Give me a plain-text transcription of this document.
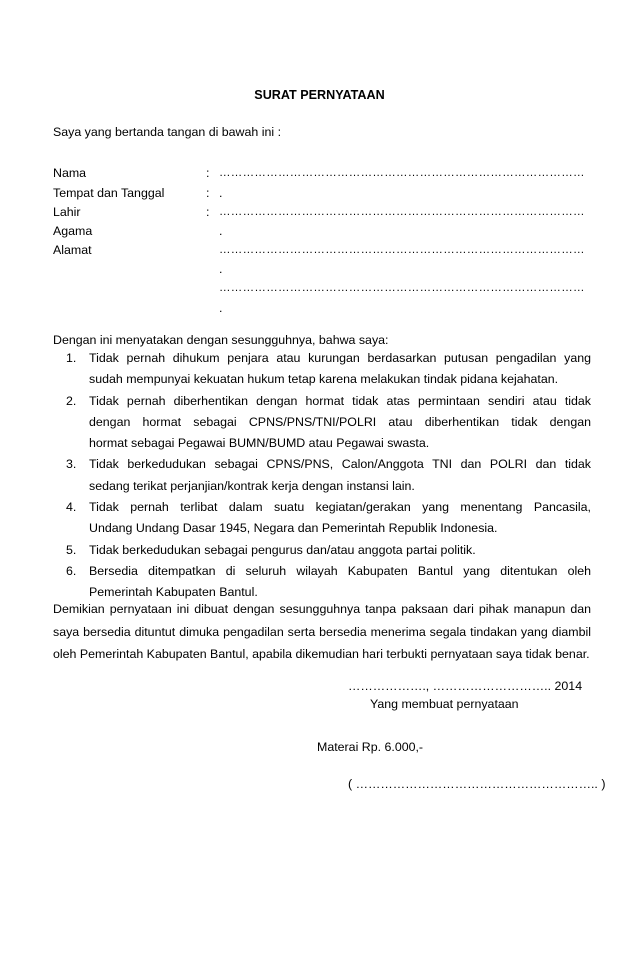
SURAT PERNYATAAN
Saya yang bertanda tangan di bawah ini :
Nama	: …………………………………………………………………………………
Tempat dan Tanggal	: .
Lahir	: …………………………………………………………………………………
Agama	.
Alamat	…………………………………………………………………………………
.
…………………………………………………………………………………
.
Dengan ini menyatakan dengan sesungguhnya, bahwa saya:
1. Tidak pernah dihukum penjara atau kurungan berdasarkan putusan pengadilan yang
sudah mempunyai kekuatan hukum tetap karena melakukan tindak pidana kejahatan.
2. Tidak pernah diberhentikan dengan hormat tidak atas permintaan sendiri atau tidak
dengan hormat sebagai CPNS/PNS/TNI/POLRI atau diberhentikan tidak dengan
hormat sebagai Pegawai BUMN/BUMD atau Pegawai swasta.
3. Tidak berkedudukan sebagai CPNS/PNS, Calon/Anggota TNI dan POLRI dan tidak
sedang terikat perjanjian/kontrak kerja dengan instansi lain.
4. Tidak pernah terlibat dalam suatu kegiatan/gerakan yang menentang Pancasila,
Undang Undang Dasar 1945, Negara dan Pemerintah Republik Indonesia.
5. Tidak berkedudukan sebagai pengurus dan/atau anggota partai politik.
6. Bersedia ditempatkan di seluruh wilayah Kabupaten Bantul yang ditentukan oleh
Pemerintah Kabupaten Bantul.
Demikian pernyataan ini dibuat dengan sesungguhnya tanpa paksaan dari pihak manapun dan
saya bersedia dituntut dimuka pengadilan serta bersedia menerima segala tindakan yang diambil
oleh Pemerintah Kabupaten Bantul, apabila dikemudian hari terbukti pernyataan saya tidak benar.
………………., ……………………….. 2014
Yang membuat pernyataan
Materai Rp. 6.000,-
( ………………………………………………….. )
